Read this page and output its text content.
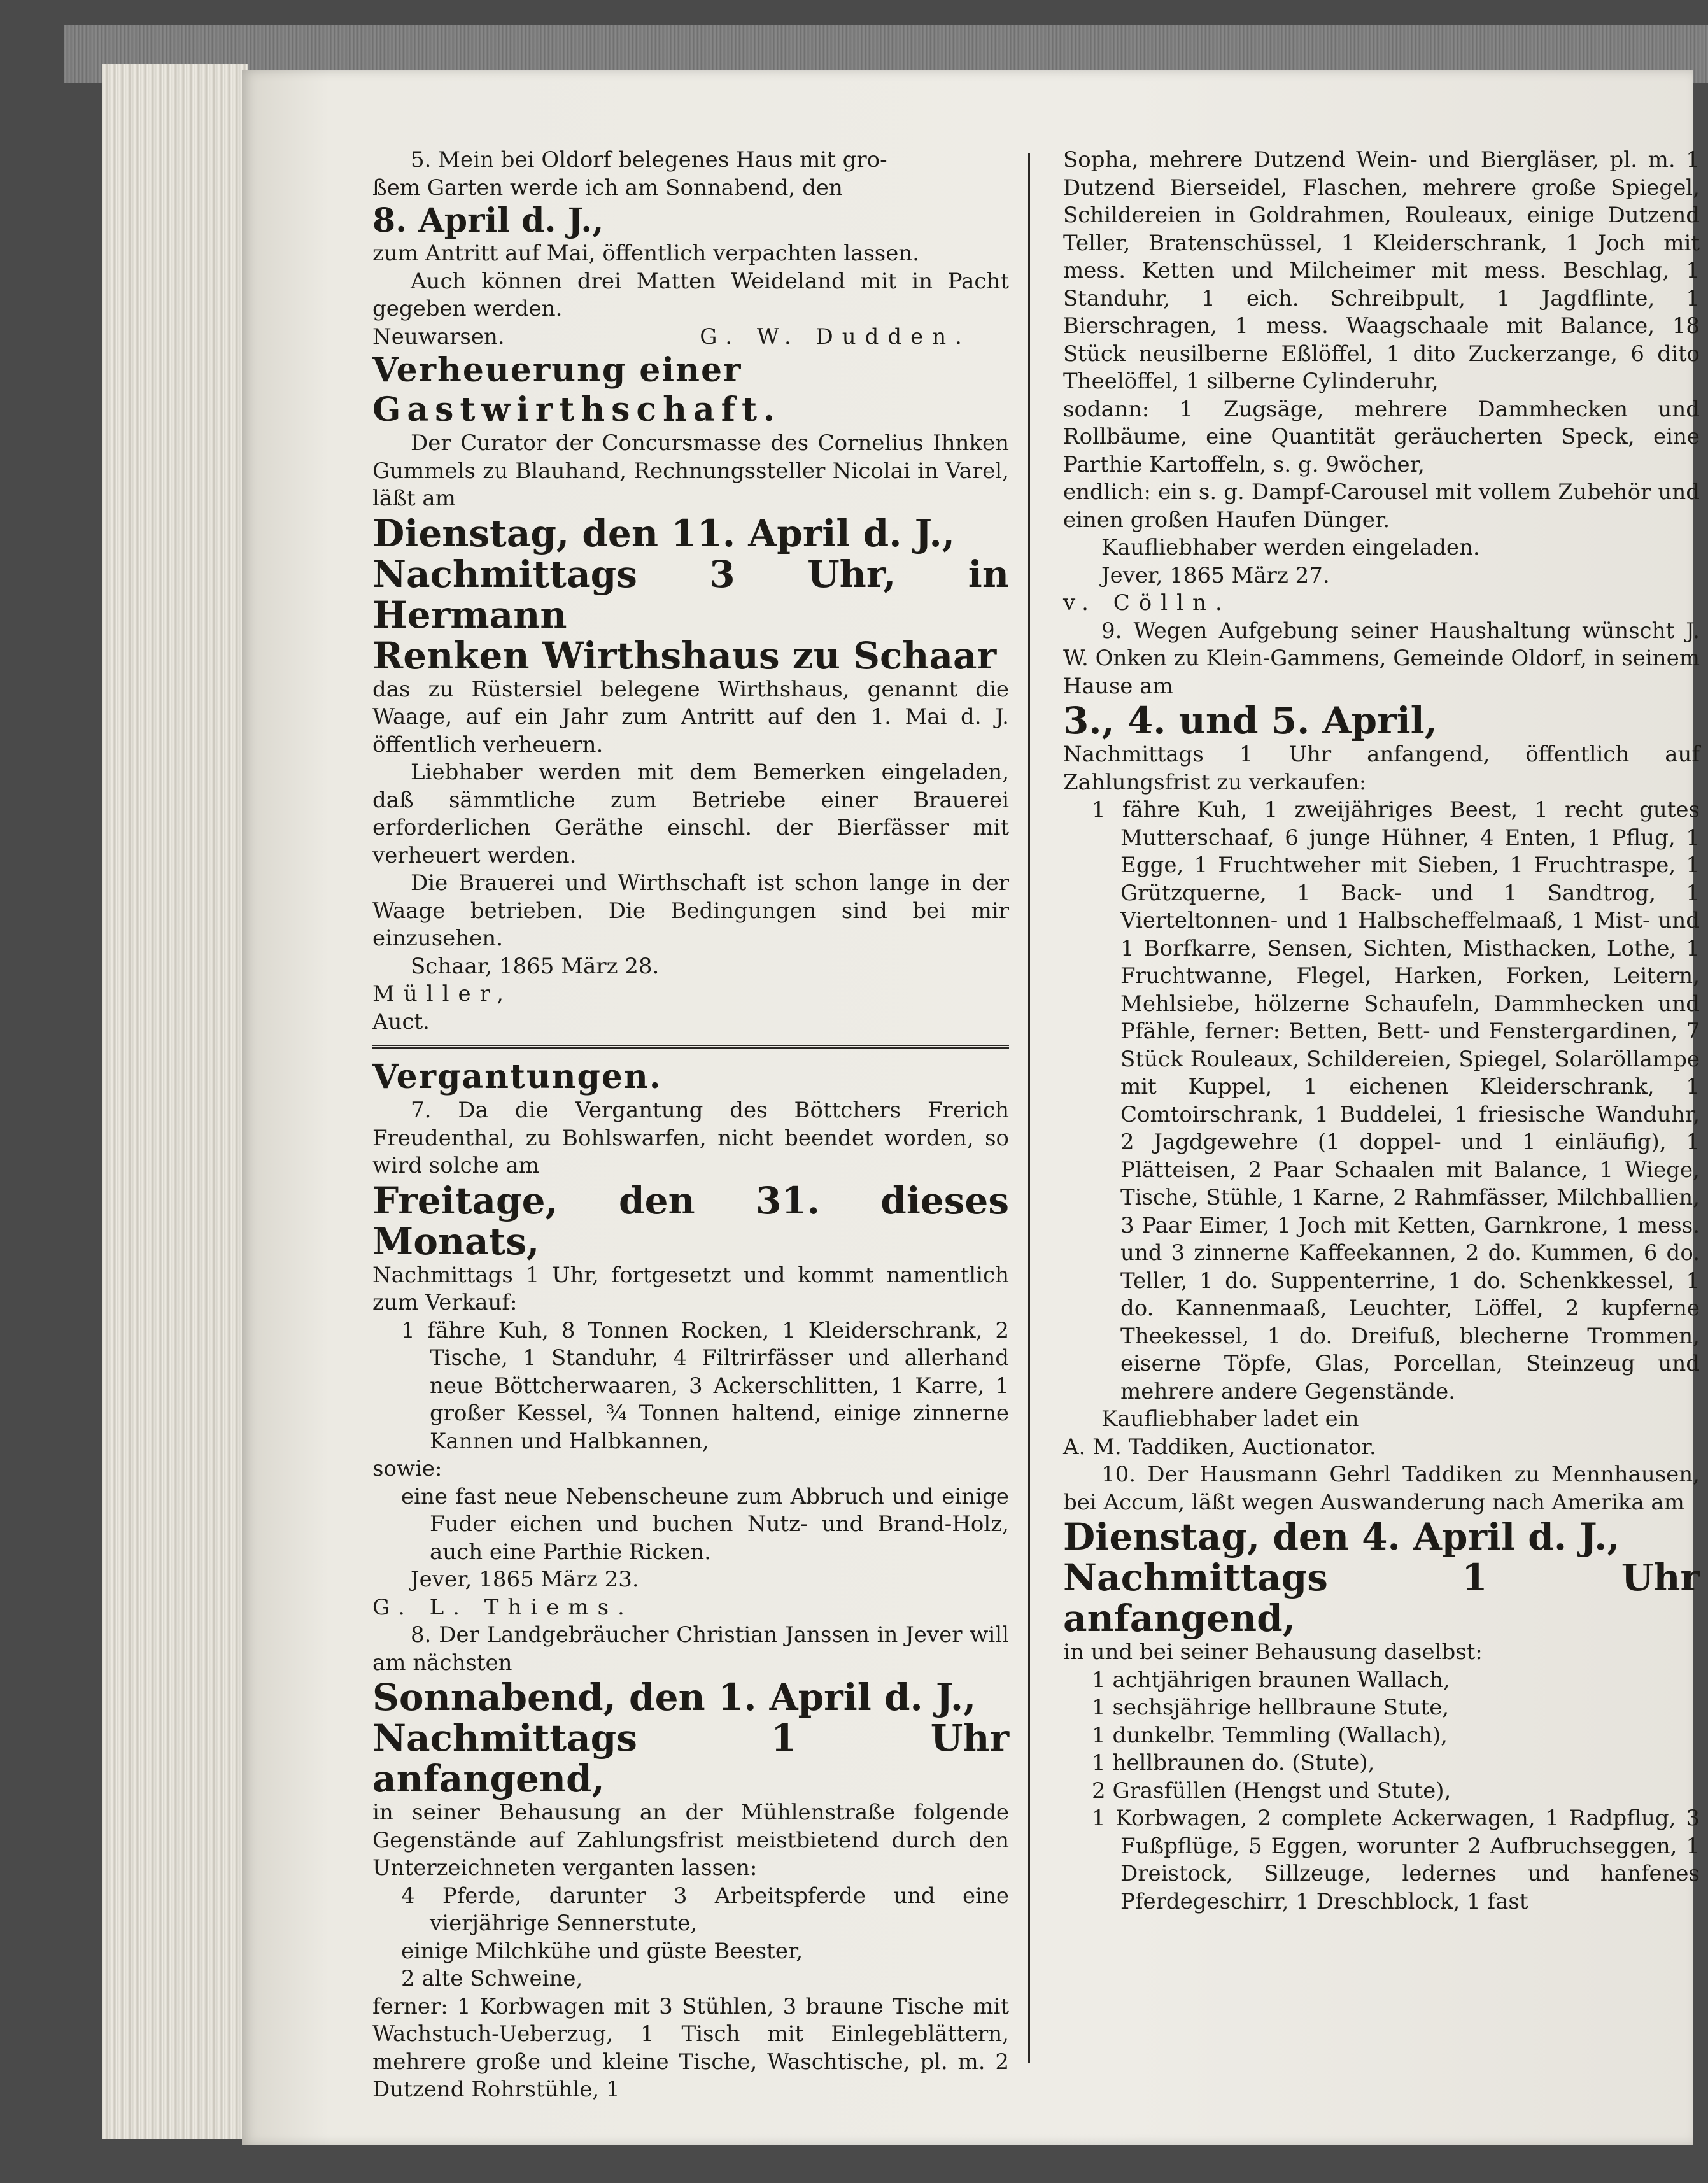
5. Mein bei Oldorf belegenes Haus mit gro-

ßem Garten werde ich am Sonnabend, den

8. April d. J.,

zum Antritt auf Mai, öffentlich verpachten lassen.

Auch können drei Matten Weideland mit in Pacht gegeben werden.

Neuwarsen.	G. W. Dudden.

Verheuerung einer

Gastwirthschaft.

Der Curator der Concursmasse des Cornelius Ihnken Gummels zu Blauhand, Rechnungssteller Nicolai in Varel, läßt am

Dienstag, den 11. April d. J.,

Nachmittags 3 Uhr, in Hermann

Renken Wirthshaus zu Schaar

das zu Rüstersiel belegene Wirthshaus, genannt die Waage, auf ein Jahr zum Antritt auf den 1. Mai d. J. öffentlich verheuern.

Liebhaber werden mit dem Bemerken eingeladen, daß sämmtliche zum Betriebe einer Brauerei erforderlichen Geräthe einschl. der Bierfässer mit verheuert werden.

Die Brauerei und Wirthschaft ist schon lange in der Waage betrieben. Die Bedingungen sind bei mir einzusehen.

Schaar, 1865 März 28.

Müller,

Auct.

Vergantungen.

7. Da die Vergantung des Böttchers Frerich Freudenthal, zu Bohlswarfen, nicht beendet worden, so wird solche am

Freitage, den 31. dieses Monats,

Nachmittags 1 Uhr, fortgesetzt und kommt namentlich zum Verkauf:

1 fähre Kuh, 8 Tonnen Rocken, 1 Kleiderschrank, 2 Tische, 1 Standuhr, 4 Filtrirfässer und allerhand neue Böttcherwaaren, 3 Ackerschlitten, 1 Karre, 1 großer Kessel, ¾ Tonnen haltend, einige zinnerne Kannen und Halbkannen,

sowie:

eine fast neue Nebenscheune zum Abbruch und einige Fuder eichen und buchen Nutz- und Brand-Holz, auch eine Parthie Ricken.

Jever, 1865 März 23.

G. L. Thiems.

8. Der Landgebräucher Christian Janssen in Jever will am nächsten

Sonnabend, den 1. April d. J.,

Nachmittags 1 Uhr anfangend,

in seiner Behausung an der Mühlenstraße folgende Gegenstände auf Zahlungsfrist meistbietend durch den Unterzeichneten verganten lassen:

4 Pferde, darunter 3 Arbeitspferde und eine vierjährige Sennerstute,

einige Milchkühe und güste Beester,

2 alte Schweine,

ferner: 1 Korbwagen mit 3 Stühlen, 3 braune Tische mit Wachstuch-Ueberzug, 1 Tisch mit Einlegeblättern, mehrere große und kleine Tische, Waschtische, pl. m. 2 Dutzend Rohrstühle, 1

Sopha, mehrere Dutzend Wein- und Biergläser, pl. m. 1 Dutzend Bierseidel, Flaschen, mehrere große Spiegel, Schildereien in Goldrahmen, Rouleaux, einige Dutzend Teller, Bratenschüssel, 1 Kleiderschrank, 1 Joch mit mess. Ketten und Milcheimer mit mess. Beschlag, 1 Standuhr, 1 eich. Schreibpult, 1 Jagdflinte, 1 Bierschragen, 1 mess. Waagschaale mit Balance, 18 Stück neusilberne Eßlöffel, 1 dito Zuckerzange, 6 dito Theelöffel, 1 silberne Cylinderuhr,

sodann: 1 Zugsäge, mehrere Dammhecken und Rollbäume, eine Quantität geräucherten Speck, eine Parthie Kartoffeln, s. g. 9wöcher,

endlich: ein s. g. Dampf-Carousel mit vollem Zubehör und einen großen Haufen Dünger.

Kaufliebhaber werden eingeladen.

Jever, 1865 März 27.

v. Cölln.

9. Wegen Aufgebung seiner Haushaltung wünscht J. W. Onken zu Klein-Gammens, Gemeinde Oldorf, in seinem Hause am

3., 4. und 5. April,

Nachmittags 1 Uhr anfangend, öffentlich auf Zahlungsfrist zu verkaufen:

1 fähre Kuh, 1 zweijähriges Beest, 1 recht gutes Mutterschaaf, 6 junge Hühner, 4 Enten, 1 Pflug, 1 Egge, 1 Fruchtweher mit Sieben, 1 Fruchtraspe, 1 Grützquerne, 1 Back- und 1 Sandtrog, 1 Vierteltonnen- und 1 Halbscheffelmaaß, 1 Mist- und 1 Borfkarre, Sensen, Sichten, Misthacken, Lothe, 1 Fruchtwanne, Flegel, Harken, Forken, Leitern, Mehlsiebe, hölzerne Schaufeln, Dammhecken und Pfähle, ferner: Betten, Bett- und Fenstergardinen, 7 Stück Rouleaux, Schildereien, Spiegel, Solaröllampe mit Kuppel, 1 eichenen Kleiderschrank, 1 Comtoirschrank, 1 Buddelei, 1 friesische Wanduhr, 2 Jagdgewehre (1 doppel- und 1 einläufig), 1 Plätteisen, 2 Paar Schaalen mit Balance, 1 Wiege, Tische, Stühle, 1 Karne, 2 Rahmfässer, Milchballien, 3 Paar Eimer, 1 Joch mit Ketten, Garnkrone, 1 mess. und 3 zinnerne Kaffeekannen, 2 do. Kummen, 6 do. Teller, 1 do. Suppenterrine, 1 do. Schenkkessel, 1 do. Kannenmaaß, Leuchter, Löffel, 2 kupferne Theekessel, 1 do. Dreifuß, blecherne Trommen, eiserne Töpfe, Glas, Porcellan, Steinzeug und mehrere andere Gegenstände.

Kaufliebhaber ladet ein

A. M. Taddiken, Auctionator.

10. Der Hausmann Gehrl Taddiken zu Mennhausen, bei Accum, läßt wegen Auswanderung nach Amerika am

Dienstag, den 4. April d. J.,

Nachmittags 1 Uhr anfangend,

in und bei seiner Behausung daselbst:

1 achtjährigen braunen Wallach,

1 sechsjährige hellbraune Stute,

1 dunkelbr. Temmling (Wallach),

1 hellbraunen do. (Stute),

2 Grasfüllen (Hengst und Stute),

1 Korbwagen, 2 complete Ackerwagen, 1 Radpflug, 3 Fußpflüge, 5 Eggen, worunter 2 Aufbruchseggen, 1 Dreistock, Sillzeuge, ledernes und hanfenes Pferdegeschirr, 1 Dreschblock, 1 fast
